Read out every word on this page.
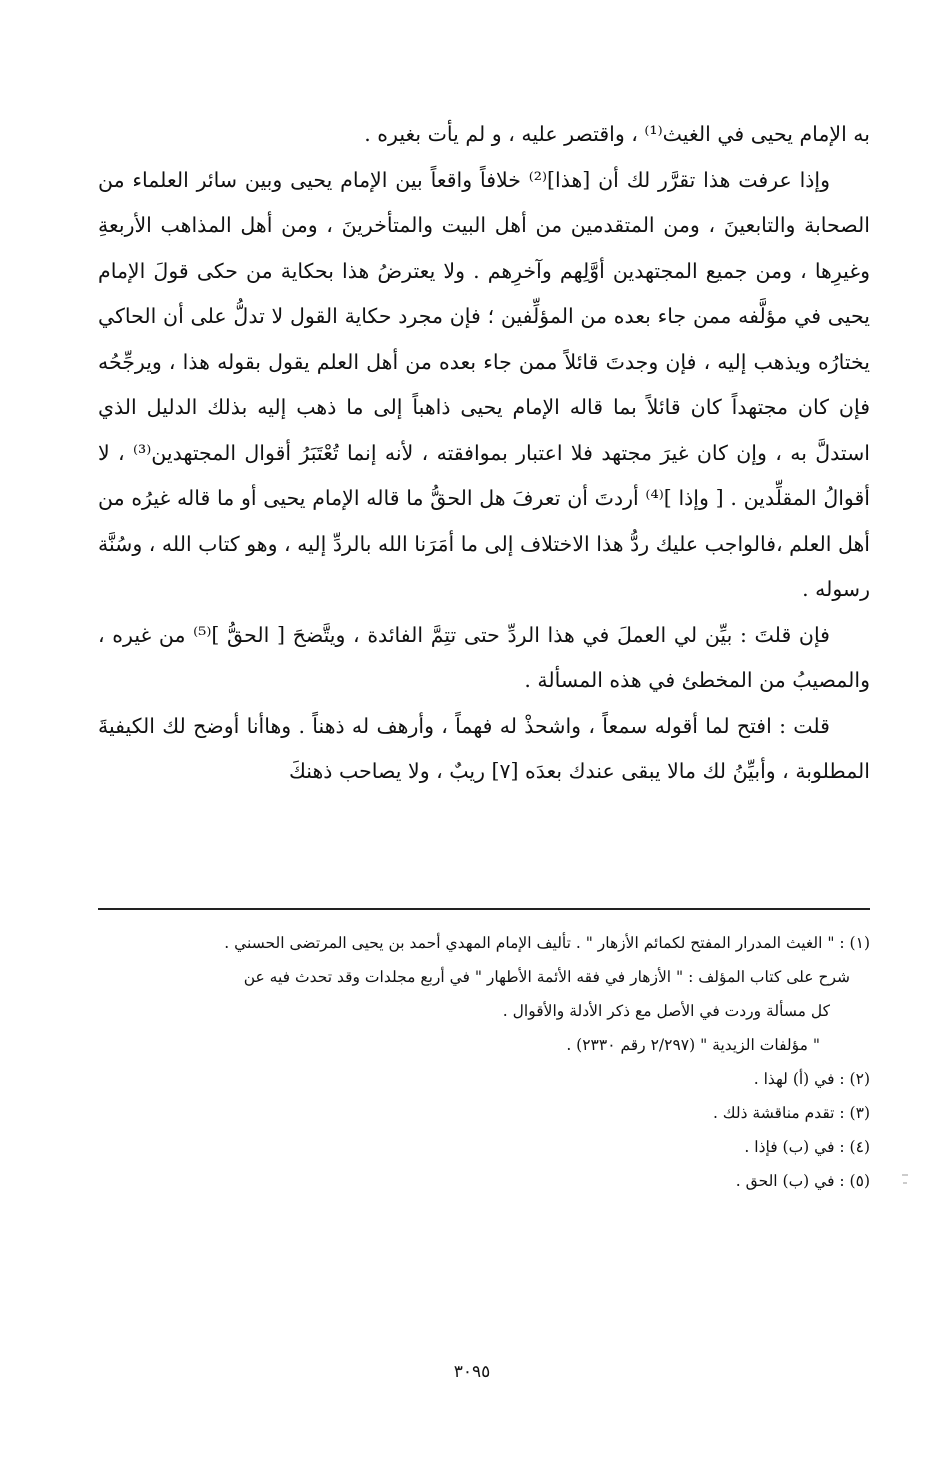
به الإمام يحيى في الغيث⁽¹⁾ ، واقتصر عليه ، و لم يأت بغيره .

وإذا عرفت هذا تقرَّر لك أن [هذا]⁽²⁾ خلافاً واقعاً بين الإمام يحيى وبين سائر العلماء من الصحابة والتابعينَ ، ومن المتقدمين من أهل البيت والمتأخرينَ ، ومن أهل المذاهب الأربعةِ وغيرِها ، ومن جميع المجتهدين أوَّلِهم وآخرِهم . ولا يعترضُ هذا بحكاية من حكى قولَ الإمام يحيى في مؤلَّفه ممن جاء بعده من المؤلِّفين ؛ فإن مجرد حكاية القول لا تدلُّ على أن الحاكي يختارُه ويذهب إليه ، فإن وجدتَ قائلاً ممن جاء بعده من أهل العلم يقول بقوله هذا ، ويرجِّحُه فإن كان مجتهداً كان قائلاً بما قاله الإمام يحيى ذاهباً إلى ما ذهب إليه بذلك الدليل الذي استدلَّ به ، وإن كان غيرَ مجتهد فلا اعتبار بموافقته ، لأنه إنما تُعْتَبَرُ أقوال المجتهدين⁽³⁾ ، لا أقوالُ المقلِّدين . [ وإذا ]⁽⁴⁾ أردتَ أن تعرفَ هل الحقُّ ما قاله الإمام يحيى أو ما قاله غيرُه من أهل العلم ،فالواجب عليك ردُّ هذا الاختلاف إلى ما أمَرَنا الله بالردِّ إليه ، وهو كتاب الله ، وسُنَّة رسوله .

فإن قلتَ : بيِّن لي العملَ في هذا الردِّ حتى تتِمَّ الفائدة ، ويتَّضحَ [ الحقُّ ]⁽⁵⁾ من غيره ، والمصيبُ من المخطئ في هذه المسألة .

قلت : افتح لما أقوله سمعاً ، واشحذْ له فهماً ، وأرهف له ذهناً . وهاأنا أوضح لك الكيفيةَ المطلوبة ، وأبيِّنُ لك مالا يبقى عندك بعدَه [٧] ريبٌ ، ولا يصاحب ذهنكَ

(١) : " الغيث المدرار المفتح لكمائم الأزهار " . تأليف الإمام المهدي أحمد بن يحيى المرتضى الحسني .

شرح على كتاب المؤلف : " الأزهار في فقه الأئمة الأطهار " في أربع مجلدات وقد تحدث فيه عن

كل مسألة وردت في الأصل مع ذكر الأدلة والأقوال .

" مؤلفات الزيدية " (٢/٢٩٧ رقم ٢٣٣٠) .

(٢) : في (أ) لهذا .

(٣) : تقدم مناقشة ذلك .

(٤) : في (ب) فإذا .

(٥) : في (ب) الحق .

٣٠٩٥
